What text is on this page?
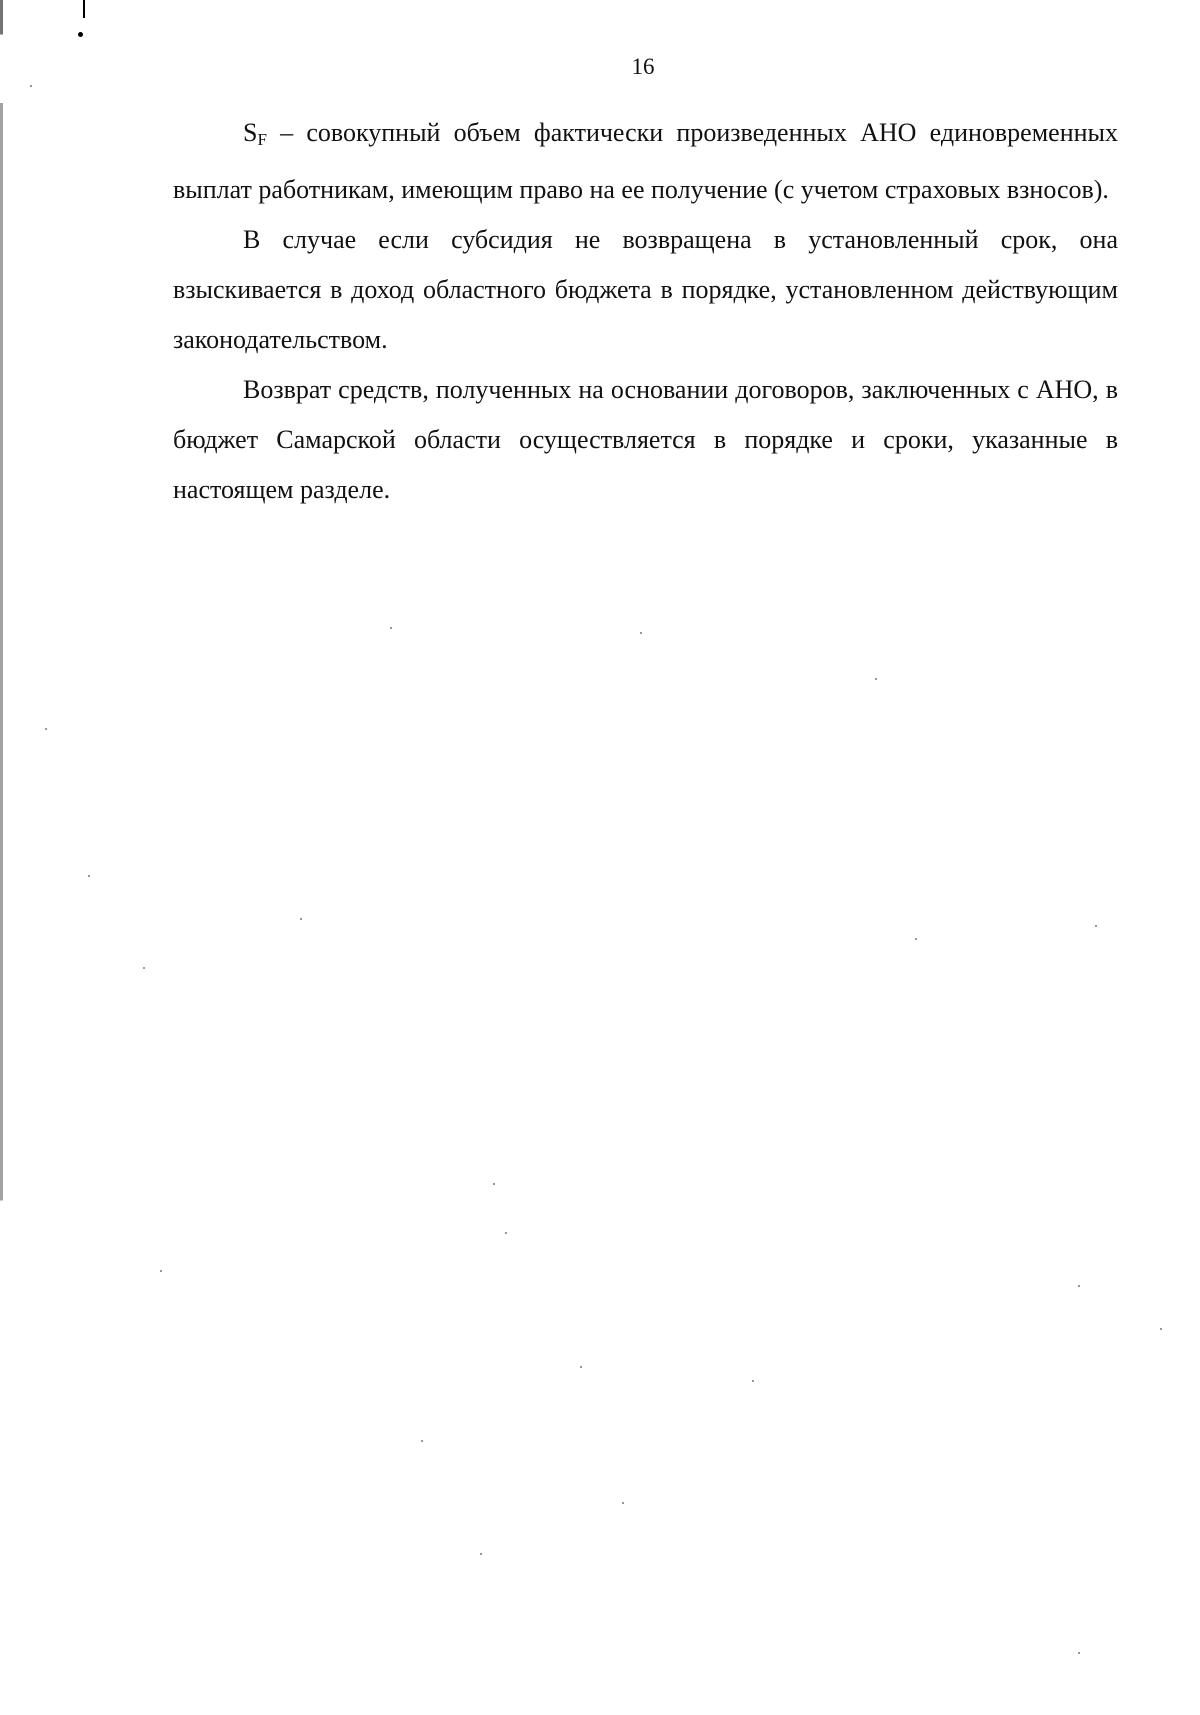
16

$S_F$ – совокупный объем фактически произведенных АНО единовременных выплат работникам, имеющим право на ее получение (с учетом страховых взносов).

В случае если субсидия не возвращена в установленный срок, она взыскивается в доход областного бюджета в порядке, установленном действующим законодательством.

Возврат средств, полученных на основании договоров, заключенных с АНО, в бюджет Самарской области осуществляется в порядке и сроки, указанные в настоящем разделе.
